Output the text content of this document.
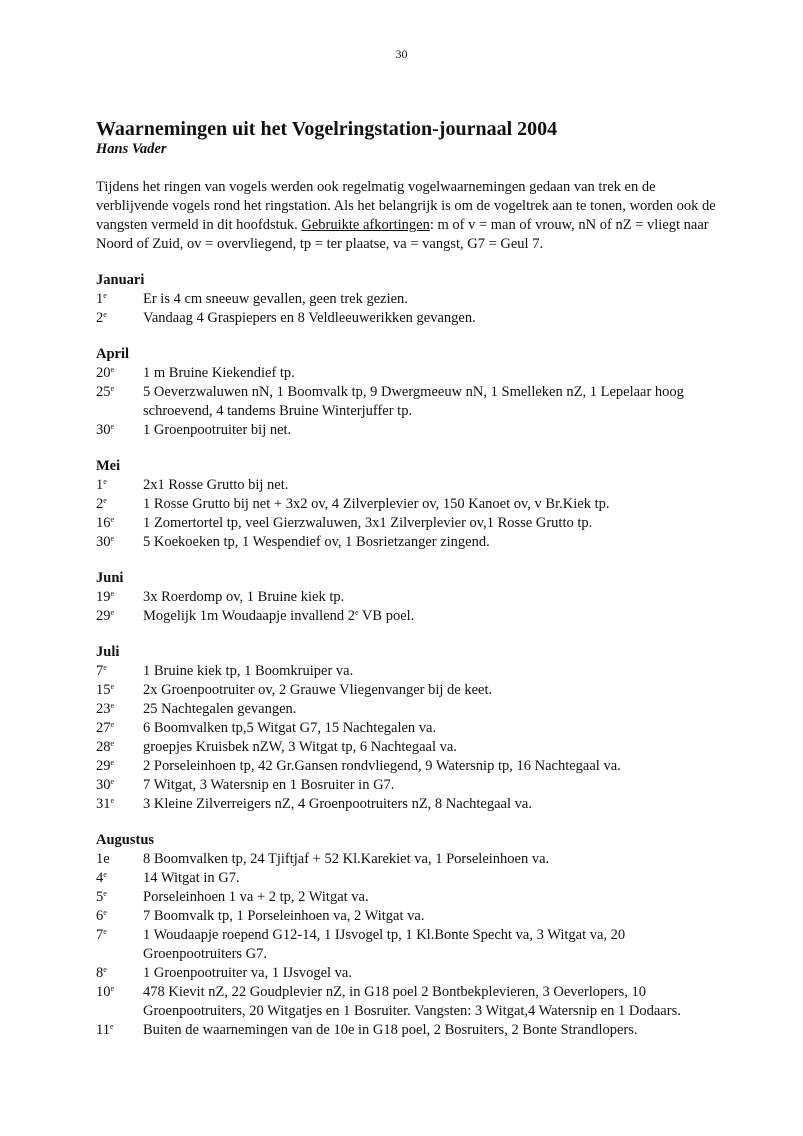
30
Waarnemingen uit het Vogelringstation-journaal 2004

Hans Vader

Tijdens het ringen van vogels werden ook regelmatig vogelwaarnemingen gedaan van trek en de verblijvende vogels rond het ringstation. Als het belangrijk is om de vogeltrek aan te tonen, worden ook de vangsten vermeld in dit hoofdstuk. Gebruikte afkortingen: m of v = man of vrouw, nN of nZ = vliegt naar Noord of Zuid, ov = overvliegend, tp = ter plaatse, va = vangst, G7 = Geul 7.

Januari
1e	Er is 4 cm sneeuw gevallen, geen trek gezien.
2e	Vandaag 4 Graspiepers en 8 Veldleeuwerikken gevangen.
April
20e	1 m Bruine Kiekendief tp.
25e	5 Oeverzwaluwen nN, 1 Boomvalk tp, 9 Dwergmeeuw nN, 1 Smelleken nZ, 1 Lepelaar hoog schroevend, 4 tandems Bruine Winterjuffer tp.
30e	1 Groenpootruiter bij net.
Mei
1e	2x1 Rosse Grutto bij net.
2e	1 Rosse Grutto bij net + 3x2 ov, 4 Zilverplevier ov, 150 Kanoet ov, v Br.Kiek tp.
16e	1 Zomertortel tp, veel Gierzwaluwen, 3x1 Zilverplevier ov,1 Rosse Grutto tp.
30e	5 Koekoeken tp, 1 Wespendief ov, 1 Bosrietzanger zingend.
Juni
19e	3x Roerdomp ov, 1 Bruine kiek tp.
29e	Mogelijk 1m Woudaapje invallend 2e VB poel.
Juli
7e	1 Bruine kiek tp, 1 Boomkruiper va.
15e	2x Groenpootruiter ov, 2 Grauwe Vliegenvanger bij de keet.
23e	25 Nachtegalen gevangen.
27e	6 Boomvalken tp,5 Witgat G7, 15 Nachtegalen va.
28e	groepjes Kruisbek nZW, 3 Witgat tp, 6 Nachtegaal va.
29e	2 Porseleinhoen tp, 42 Gr.Gansen rondvliegend, 9 Watersnip tp, 16 Nachtegaal va.
30e	7 Witgat, 3 Watersnip en 1 Bosruiter in G7.
31e	3 Kleine Zilverreigers nZ, 4 Groenpootruiters nZ, 8 Nachtegaal va.
Augustus
1e	8 Boomvalken tp, 24 Tjiftjaf + 52 Kl.Karekiet va, 1 Porseleinhoen va.
4e	14 Witgat in G7.
5e	Porseleinhoen 1 va + 2 tp, 2 Witgat va.
6e	7 Boomvalk tp, 1 Porseleinhoen va, 2 Witgat va.
7e	1 Woudaapje roepend G12-14, 1 IJsvogel tp, 1 Kl.Bonte Specht va, 3 Witgat va, 20 Groenpootruiters G7.
8e	1 Groenpootruiter va, 1 IJsvogel va.
10e	478 Kievit nZ, 22 Goudplevier nZ, in G18 poel 2 Bontbekplevieren, 3 Oeverlopers, 10 Groenpootruiters, 20 Witgatjes en 1 Bosruiter. Vangsten: 3 Witgat,4 Watersnip en 1 Dodaars.
11e	Buiten de waarnemingen van de 10e in G18 poel, 2 Bosruiters, 2 Bonte Strandlopers.
